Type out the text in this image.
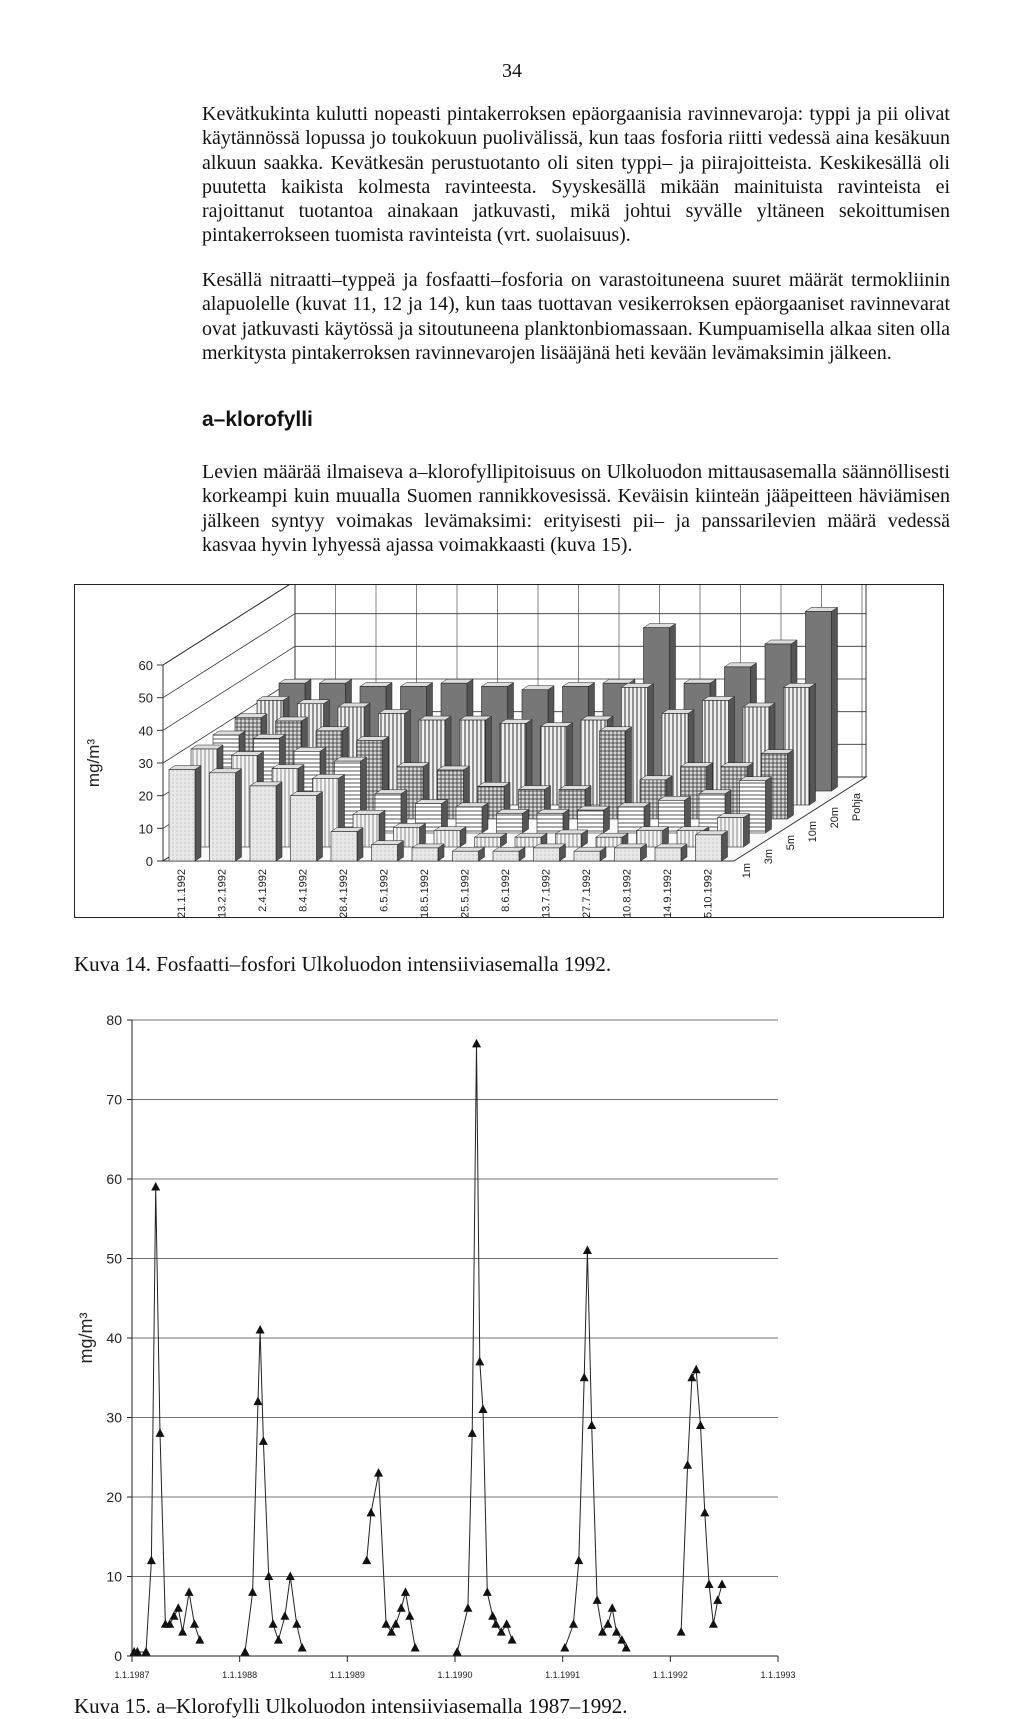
34

Kevätkukinta kulutti nopeasti pintakerroksen epäorgaanisia ravinnevaroja: typpi ja pii olivat käytännössä lopussa jo toukokuun puolivälissä, kun taas fosforia riitti vedessä aina kesäkuun alkuun saakka. Kevätkesän perustuotanto oli siten typpi– ja piirajoitteista. Keskikesällä oli puutetta kaikista kolmesta ravinteesta. Syyskesällä mikään mainituista ravinteista ei rajoittanut tuotantoa ainakaan jatkuvasti, mikä johtui syvälle yltäneen sekoittumisen pintakerrokseen tuomista ravinteista (vrt. suolaisuus).

Kesällä nitraatti–typpeä ja fosfaatti–fosforia on varastoituneena suuret määrät termokliinin alapuolelle (kuvat 11, 12 ja 14), kun taas tuottavan vesikerroksen epäorgaaniset ravinnevarat ovat jatkuvasti käytössä ja sitoutuneena planktonbiomassaan. Kumpuamisella alkaa siten olla merkitysta pintakerroksen ravinnevarojen lisääjänä heti kevään levämaksimin jälkeen.

a–klorofylli

Levien määrää ilmaiseva a–klorofyllipitoisuus on Ulkoluodon mittausasemalla säännöllisesti korkeampi kuin muualla Suomen rannikkovesissä. Keväisin kiinteän jääpeitteen häviämisen jälkeen syntyy voimakas levämaksimi: erityisesti pii– ja panssarilevien määrä vedessä kasvaa hyvin lyhyessä ajassa voimakkaasti (kuva 15).

0
10
20
30
40
50
60
mg/m³
21.1.1992	13.2.1992	2.4.1992	8.4.1992	28.4.1992	6.5.1992	18.5.1992	25.5.1992	8.6.1992	13.7.1992	27.7.1992	10.8.1992	14.9.1992	5.10.1992 1m
3m
5m
10m
20m Pohja
Kuva 14. Fosfaatti–fosfori Ulkoluodon intensiiviasemalla 1992.
0
10
20
30
40
50
60
70
80
1.1.1987	1.1.1988	1.1.1989	1.1.1990	1.1.1991	1.1.1992	1.1.1993
mg/m³
Kuva 15. a–Klorofylli Ulkoluodon intensiiviasemalla 1987–1992.
